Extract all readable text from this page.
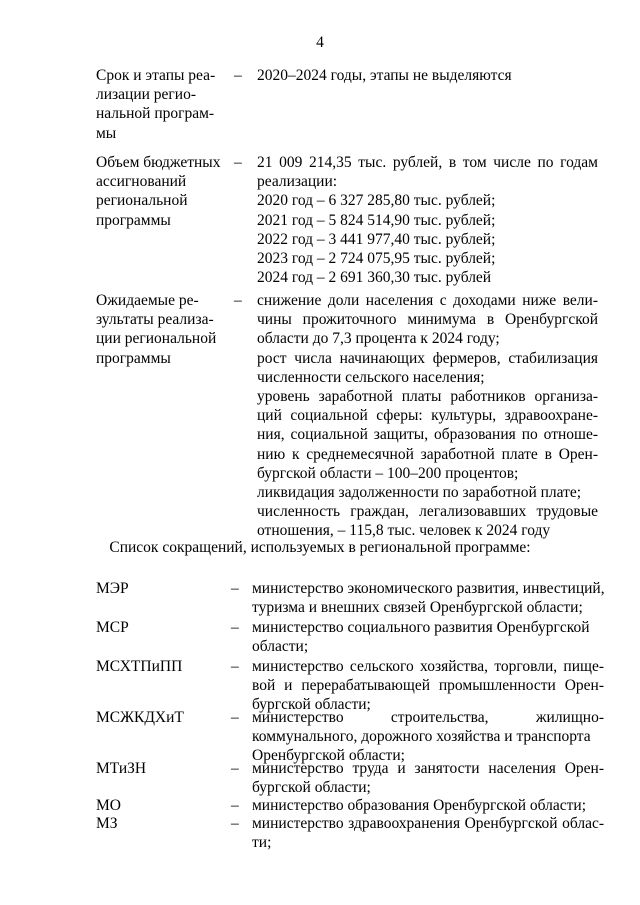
4
Срок и этапы реа-
лизации регио-
нальной програм-
мы
– 2020–2024 годы, этапы не выделяются
Объем бюджетных
ассигнований
региональной
программы
– 21 009 214,35 тыс. рублей, в том числе по годам
реализации:
2020 год – 6 327 285,80 тыс. рублей;
2021 год – 5 824 514,90 тыс. рублей;
2022 год – 3 441 977,40 тыс. рублей;
2023 год – 2 724 075,95 тыс. рублей;
2024 год – 2 691 360,30 тыс. рублей
Ожидаемые ре-
зультаты реализа-
ции региональной
программы
– снижение доли населения с доходами ниже вели-
чины прожиточного минимума в Оренбургской
области до 7,3 процента к 2024 году;
рост числа начинающих фермеров, стабилизация
численности сельского населения;
уровень заработной платы работников организа-
ций социальной сферы: культуры, здравоохране-
ния, социальной защиты, образования по отноше-
нию к среднемесячной заработной плате в Орен-
бургской области – 100–200 процентов;
ликвидация задолженности по заработной плате;
численность граждан, легализовавших трудовые
отношения, – 115,8 тыс. человек к 2024 году
Список сокращений, используемых в региональной программе:
МЭР	– министерство экономического развития, инвестиций,
туризма и внешних связей Оренбургской области;
МСР	– министерство социального развития Оренбургской
области;
МСХТПиПП	– министерство сельского хозяйства, торговли, пище-
вой и перерабатывающей промышленности Орен-
бургской области;
МСЖКДХиТ	– министерство строительства, жилищно-
коммунального, дорожного хозяйства и транспорта
Оренбургской области;
МТиЗН	– министерство труда и занятости населения Орен-
бургской области;
МО	– министерство образования Оренбургской области;
МЗ	– министерство здравоохранения Оренбургской облас-
ти;
